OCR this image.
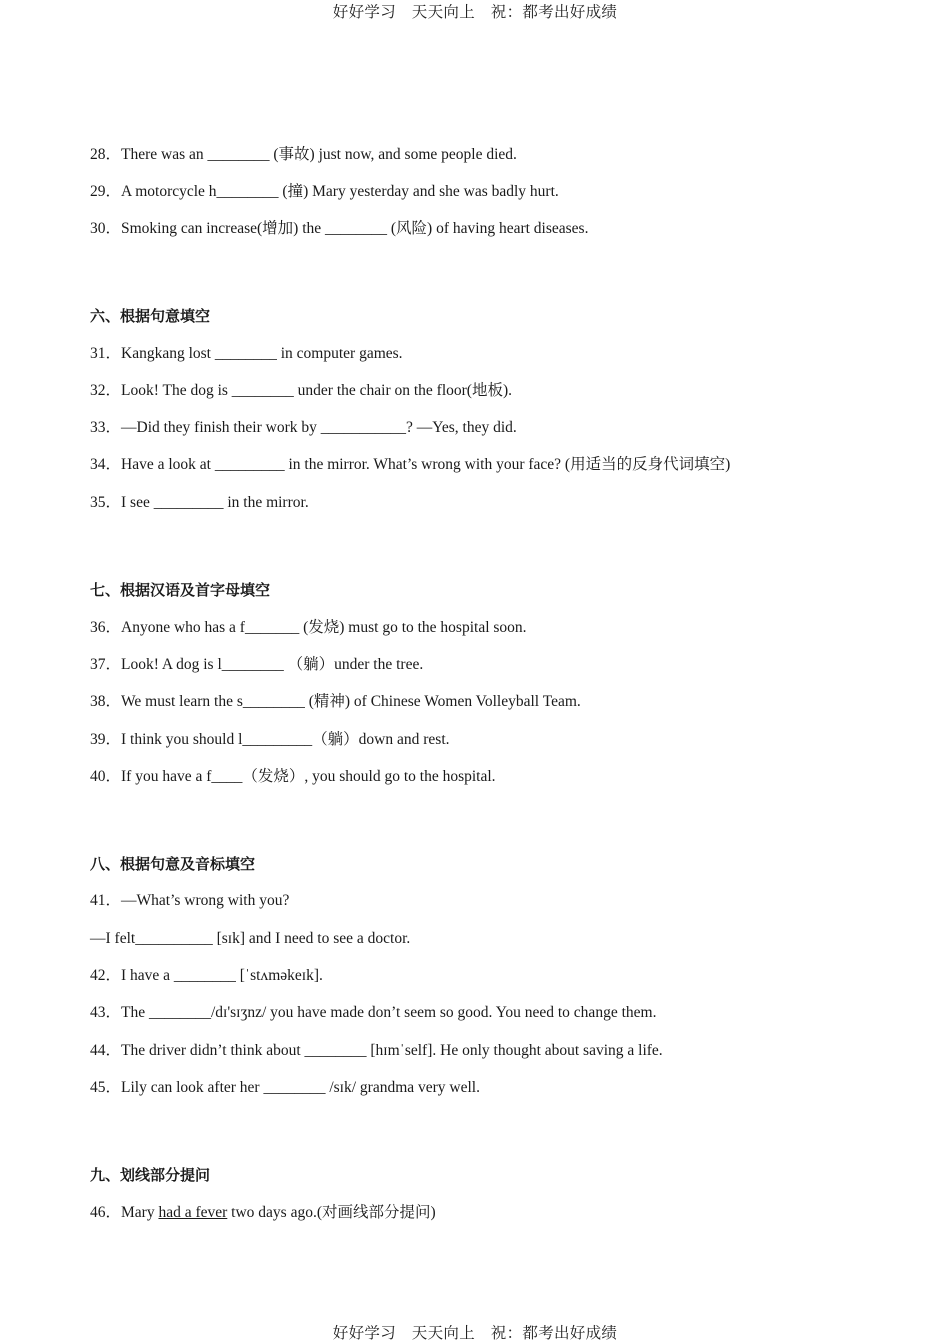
好好学习　天天向上　祝：都考出好成绩
28．There was an ________ (事故) just now, and some people died.
29．A motorcycle h________ (撞) Mary yesterday and she was badly hurt.
30．Smoking can increase(增加) the ________ (风险) of having heart diseases.
六、根据句意填空
31．Kangkang lost ________ in computer games.
32．Look! The dog is ________ under the chair on the floor(地板).
33．—Did they finish their work by ___________? —Yes, they did.
34．Have a look at _________ in the mirror. What’s wrong with your face? (用适当的反身代词填空)
35．I see _________ in the mirror.
七、根据汉语及首字母填空
36．Anyone who has a f_______ (发烧) must go to the hospital soon.
37．Look! A dog is l________ （躺）under the tree.
38．We must learn the s________ (精神) of Chinese Women Volleyball Team.
39．I think you should l_________（躺）down and rest.
40．If you have a f____（发烧）, you should go to the hospital.
八、根据句意及音标填空
41．—What’s wrong with you?
—I felt__________ [sɪk] and I need to see a doctor.
42．I have a ________ [ˈstʌməkeɪk].
43．The ________/dɪ'sɪʒnz/ you have made don’t seem so good. You need to change them.
44．The driver didn’t think about ________ [hɪmˈself]. He only thought about saving a life.
45．Lily can look after her ________ /sɪk/ grandma very well.
九、划线部分提问
46．Mary had a fever two days ago.(对画线部分提问)
好好学习　天天向上　祝：都考出好成绩
